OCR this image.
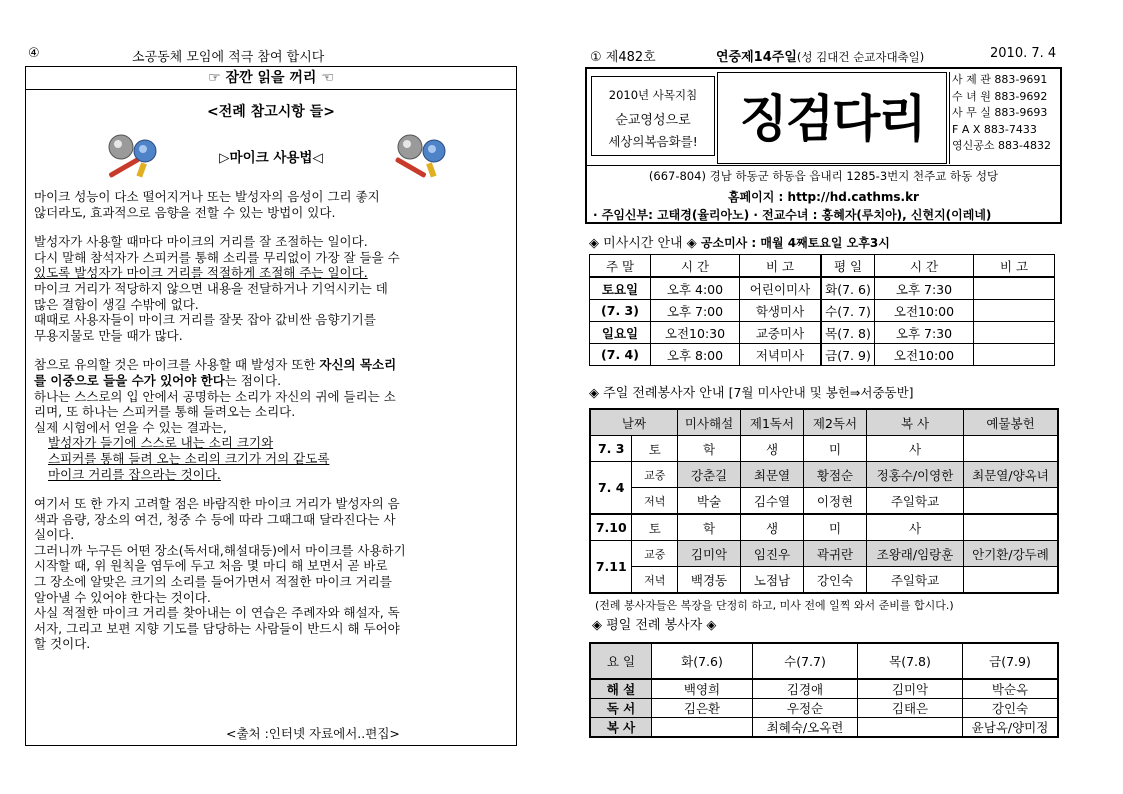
④	소공동체 모임에 적극 참여 합시다
☞ 잠깐 읽을 꺼리 ☜
<전례 참고시항 들>
▷마이크 사용법◁

마이크 성능이 다소 떨어지거나 또는 발성자의 음성이 그리 좋지

않더라도, 효과적으로 음향을 전할 수 있는 방법이 있다.

발성자가 사용할 때마다 마이크의 거리를 잘 조절하는 일이다.

다시 말해 참석자가 스피커를 통해 소리를 무리없이 가장 잘 들을 수

있도록 발성자가 마이크 거리를 적절하게 조절해 주는 일이다.

마이크 거리가 적당하지 않으면 내용을 전달하거나 기억시키는 데

많은 결함이 생길 수밖에 없다.

때때로 사용자들이 마이크 거리를 잘못 잡아 값비싼 음향기기를

무용지물로 만들 때가 많다.

참으로 유의할 것은 마이크를 사용할 때 발성자 또한 자신의 목소리

를 이중으로 들을 수가 있어야 한다는 점이다.

하나는 스스로의 입 안에서 공명하는 소리가 자신의 귀에 들리는 소

리며, 또 하나는 스피커를 통해 들려오는 소리다.

실제 시험에서 얻을 수 있는 결과는,

발성자가 들기에 스스로 내는 소리 크기와

스피커를 통해 들려 오는 소리의 크기가 거의 같도록

마이크 거리를 잡으라는 것이다.

여기서 또 한 가지 고려할 점은 바람직한 마이크 거리가 발성자의 음

색과 음량, 장소의 여건, 청중 수 등에 따라 그때그때 달라진다는 사

실이다.

그러니까 누구든 어떤 장소(독서대,해설대등)에서 마이크를 사용하기

시작할 때, 위 원칙을 염두에 두고 처음 몇 마디 해 보면서 곧 바로

그 장소에 알맞은 크기의 소리를 들어가면서 적절한 마이크 거리를

알아낼 수 있어야 한다는 것이다.

사실 적절한 마이크 거리를 찾아내는 이 연습은 주례자와 해설자, 독

서자, 그리고 보편 지향 기도를 담당하는 사람들이 반드시 해 두어야

할 것이다.

<출처 :인터넷 자료에서..편집>
① 제482호	연중제14주일(성 김대건 순교자대축일)	2010. 7. 4
2010년 사목지침
순교영성으로
세상의복음화를! 징검다리
사 제 관 883-9691
수 녀 원 883-9692
사 무 실 883-9693
F A X 883-7433
영신공소 883-4832
(667-804) 경남 하동군 하동읍 읍내리 1285-3번지 천주교 하동 성당
홈페이지 : http://hd.cathms.kr
· 주임신부: 고태경(율리아노) · 전교수녀 : 홍혜자(루치아), 신현지(이레네)
◈ 미사시간 안내 ◈ 공소미사 : 매월 4째토요일 오후3시
주 말	시 간	비 고	평 일	시 간	비 고
토요일	오후 4:00	어린이미사	화(7. 6)	오후 7:30	
(7. 3)	오후 7:00	학생미사	수(7. 7)	오전10:00	
일요일	오전10:30	교중미사	목(7. 8)	오후 7:30	
(7. 4)	오후 8:00	저녁미사	금(7. 9)	오전10:00	
◈ 주일 전례봉사자 안내 [7월 미사안내 및 봉헌⇒서중동반]
날짜		미사해설	제1독서	제2독서	복 사	예물봉헌
7. 3	토	학	생	미	사	
7. 4	교중	강춘길	최문열	황점순	정홍수/이영한	최문열/양옥녀
	저녁	박술	김수열	이정현	주일학교	
7.10	토	학	생	미	사	
7.11	교중	김미악	임진우	곽귀란	조왕래/임랑훈	안기환/강두례
	저녁	백경동	노점남	강인숙	주일학교	
(전례 봉사자들은 복장을 단정히 하고, 미사 전에 일찍 와서 준비를 합시다.)
◈ 평일 전례 봉사자 ◈
요 일	화(7.6)	수(7.7)	목(7.8)	금(7.9)
해 설	백영희	김경애	김미악	박순옥
독 서	김은환	우정순	김태은	강인숙
복 사		최혜숙/오옥련		윤남옥/양미정
